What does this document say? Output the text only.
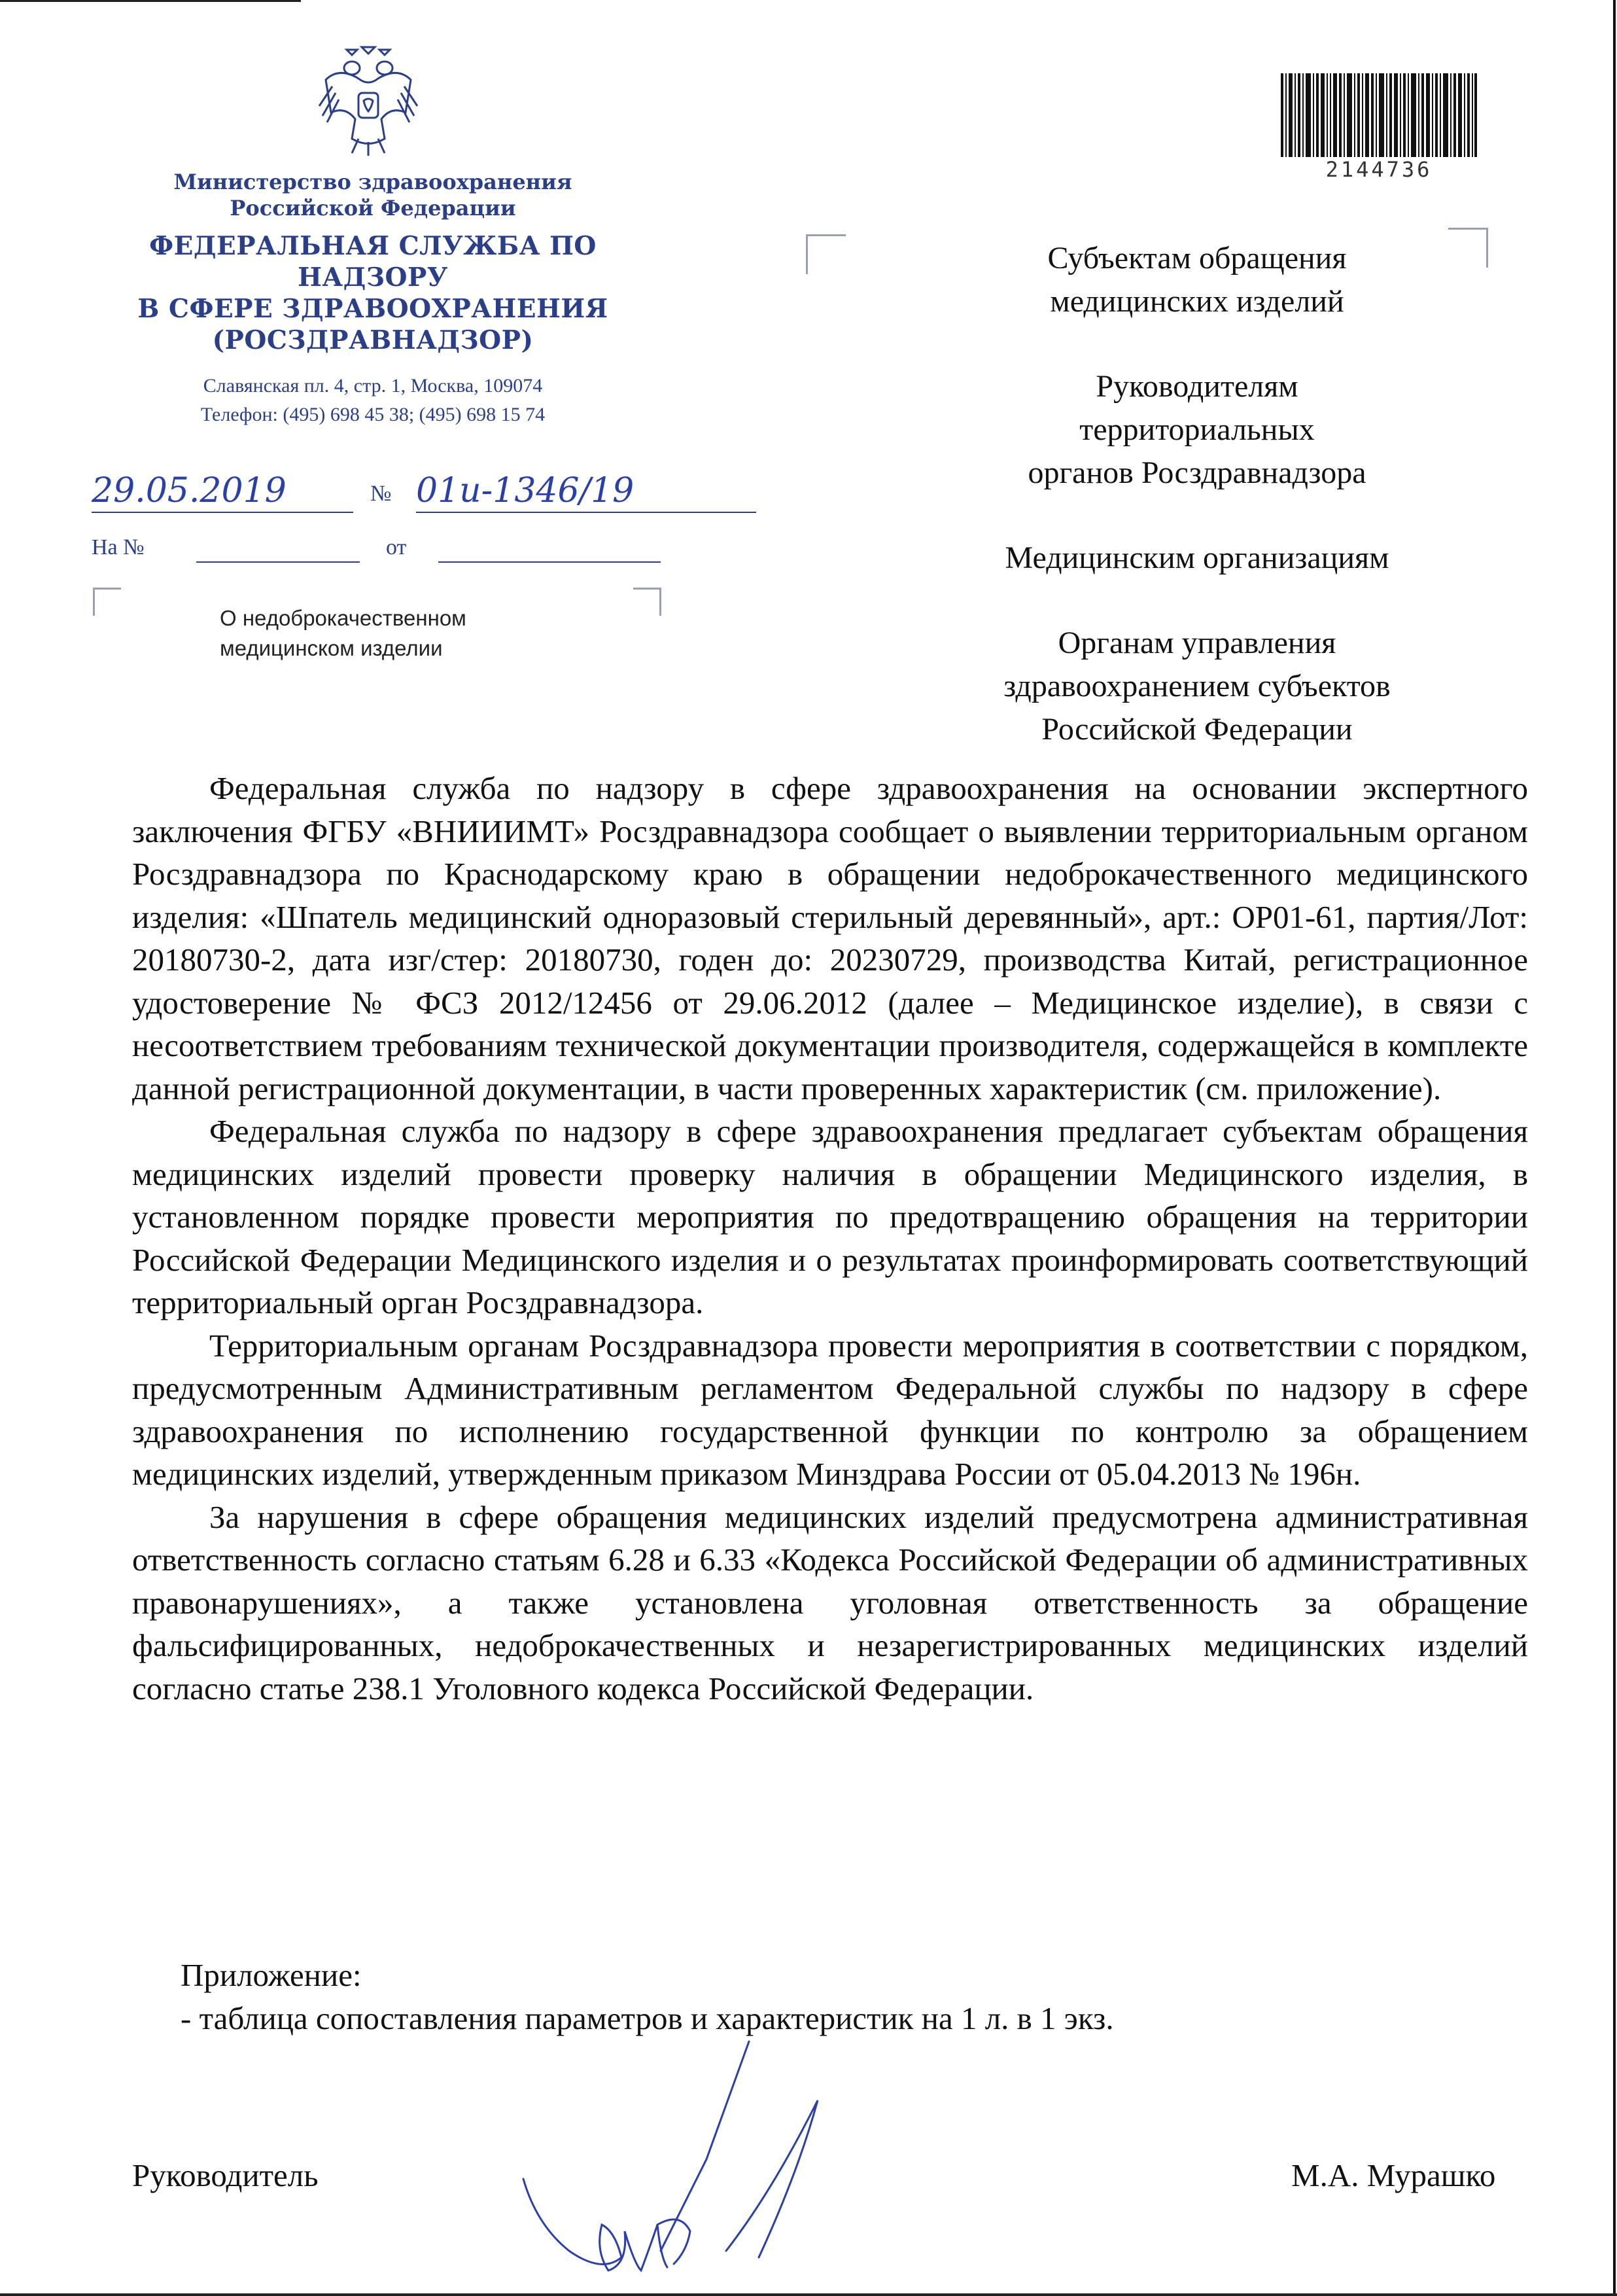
Министерство здравоохранения
Российской Федерации
ФЕДЕРАЛЬНАЯ СЛУЖБА ПО НАДЗОРУ
В СФЕРЕ ЗДРАВООХРАНЕНИЯ
(РОСЗДРАВНАДЗОР)
Славянская пл. 4, стр. 1, Москва, 109074
Телефон: (495) 698 45 38; (495) 698 15 74
29.05.2019	№ 01и-1346/19
На №	от
О недоброкачественном
медицинском изделии
2144736
Субъектам обращения
медицинских изделий
Руководителям
территориальных
органов Росздравнадзора
Медицинским организациям
Органам управления
здравоохранением субъектов
Российской Федерации

Федеральная служба по надзору в сфере здравоохранения на основании экспертного заключения ФГБУ «ВНИИИМТ» Росздравнадзора сообщает о выявлении территориальным органом Росздравнадзора по Краснодарскому краю в обращении недоброкачественного медицинского изделия: «Шпатель медицинский одноразовый стерильный деревянный», арт.: ОР01-61, партия/Лот: 20180730-2, дата изг/стер: 20180730, годен до: 20230729, производства Китай, регистрационное удостоверение № ФСЗ 2012/12456 от 29.06.2012 (далее – Медицинское изделие), в связи с несоответствием требованиям технической документации производителя, содержащейся в комплекте данной регистрационной документации, в части проверенных характеристик (см. приложение).

Федеральная служба по надзору в сфере здравоохранения предлагает субъектам обращения медицинских изделий провести проверку наличия в обращении Медицинского изделия, в установленном порядке провести мероприятия по предотвращению обращения на территории Российской Федерации Медицинского изделия и о результатах проинформировать соответствующий территориальный орган Росздравнадзора.

Территориальным органам Росздравнадзора провести мероприятия в соответствии с порядком, предусмотренным Административным регламентом Федеральной службы по надзору в сфере здравоохранения по исполнению государственной функции по контролю за обращением медицинских изделий, утвержденным приказом Минздрава России от 05.04.2013 № 196н.

За нарушения в сфере обращения медицинских изделий предусмотрена административная ответственность согласно статьям 6.28 и 6.33 «Кодекса Российской Федерации об административных правонарушениях», а также установлена уголовная ответственность за обращение фальсифицированных, недоброкачественных и незарегистрированных медицинских изделий согласно статье 238.1 Уголовного кодекса Российской Федерации.

Приложение:
- таблица сопоставления параметров и характеристик на 1 л. в 1 экз.
Руководитель	М.А. Мурашко
